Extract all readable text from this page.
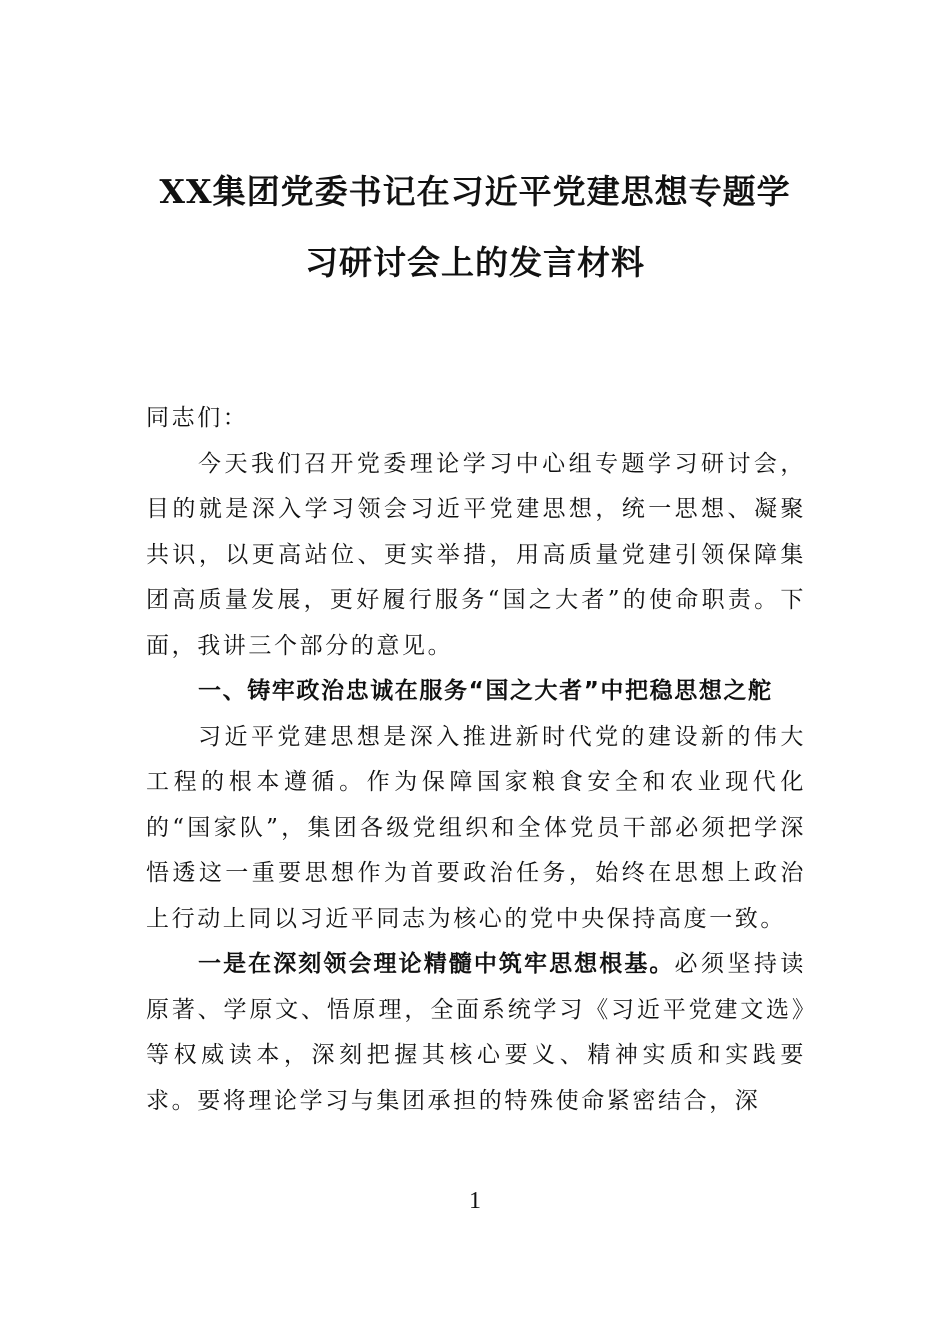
XX集团党委书记在习近平党建思想专题学
习研讨会上的发言材料

同志们：

今天我们召开党委理论学习中心组专题学习研讨会，目的就是深入学习领会习近平党建思想，统一思想、凝聚共识，以更高站位、更实举措，用高质量党建引领保障集团高质量发展，更好履行服务“国之大者”的使命职责。下面，我讲三个部分的意见。

一、铸牢政治忠诚在服务“国之大者”中把稳思想之舵

习近平党建思想是深入推进新时代党的建设新的伟大工程的根本遵循。作为保障国家粮食安全和农业现代化的“国家队”，集团各级党组织和全体党员干部必须把学深悟透这一重要思想作为首要政治任务，始终在思想上政治上行动上同以习近平同志为核心的党中央保持高度一致。

一是在深刻领会理论精髓中筑牢思想根基。必须坚持读原著、学原文、悟原理，全面系统学习《习近平党建文选》等权威读本，深刻把握其核心要义、精神实质和实践要求。要将理论学习与集团承担的特殊使命紧密结合，深

1
